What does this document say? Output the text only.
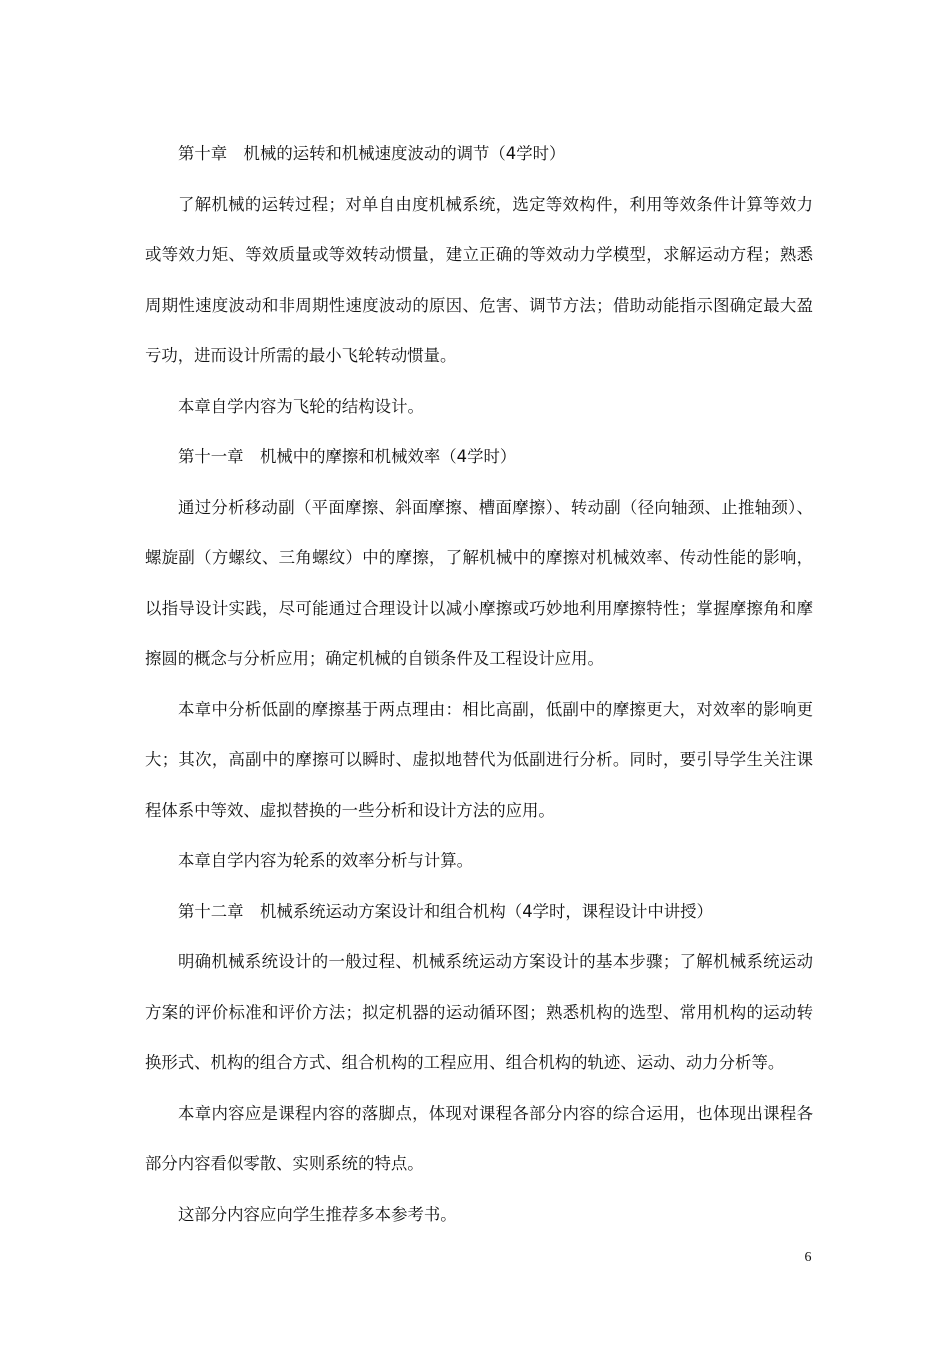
第十章　机械的运转和机械速度波动的调节（4学时）

了解机械的运转过程；对单自由度机械系统，选定等效构件，利用等效条件计算等效力或等效力矩、等效质量或等效转动惯量，建立正确的等效动力学模型，求解运动方程；熟悉周期性速度波动和非周期性速度波动的原因、危害、调节方法；借助动能指示图确定最大盈亏功，进而设计所需的最小飞轮转动惯量。

本章自学内容为飞轮的结构设计。

第十一章　机械中的摩擦和机械效率（4学时）

通过分析移动副（平面摩擦、斜面摩擦、槽面摩擦）、转动副（径向轴颈、止推轴颈）、螺旋副（方螺纹、三角螺纹）中的摩擦，了解机械中的摩擦对机械效率、传动性能的影响，以指导设计实践，尽可能通过合理设计以减小摩擦或巧妙地利用摩擦特性；掌握摩擦角和摩擦圆的概念与分析应用；确定机械的自锁条件及工程设计应用。

本章中分析低副的摩擦基于两点理由：相比高副，低副中的摩擦更大，对效率的影响更大；其次，高副中的摩擦可以瞬时、虚拟地替代为低副进行分析。同时，要引导学生关注课程体系中等效、虚拟替换的一些分析和设计方法的应用。

本章自学内容为轮系的效率分析与计算。

第十二章　机械系统运动方案设计和组合机构（4学时，课程设计中讲授）

明确机械系统设计的一般过程、机械系统运动方案设计的基本步骤；了解机械系统运动方案的评价标准和评价方法；拟定机器的运动循环图；熟悉机构的选型、常用机构的运动转换形式、机构的组合方式、组合机构的工程应用、组合机构的轨迹、运动、动力分析等。

本章内容应是课程内容的落脚点，体现对课程各部分内容的综合运用，也体现出课程各部分内容看似零散、实则系统的特点。

这部分内容应向学生推荐多本参考书。

6
